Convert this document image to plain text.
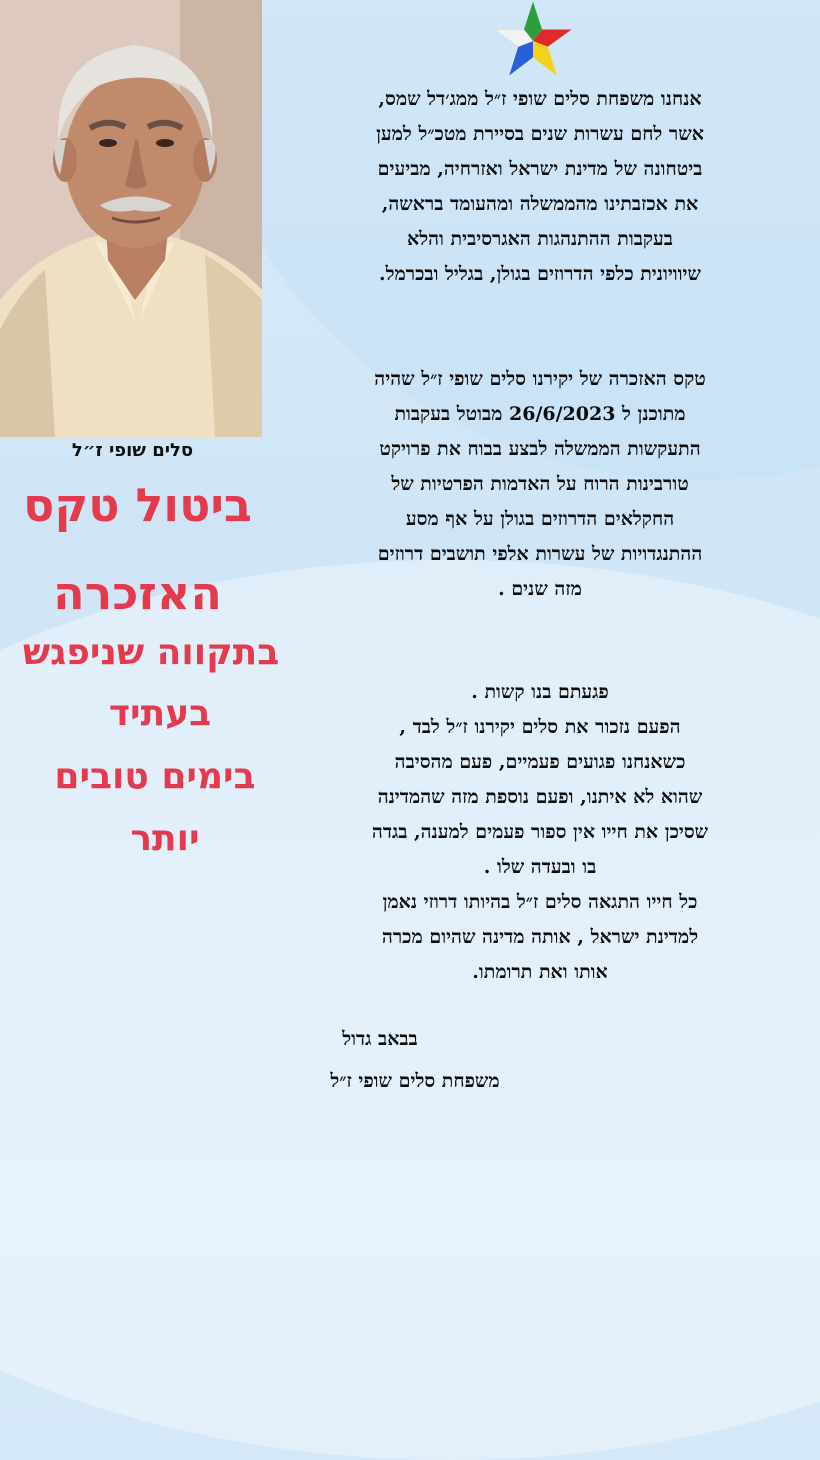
סלים שופי ז״ל

ביטול טקס

האזכרה

בתקווה שניפגש

בעתיד

בימים טובים

יותר

אנחנו משפחת סלים שופי ז״ל ממג׳דל שמס,
אשר לחם עשרות שנים בסיירת מטכ״ל למען
ביטחונה של מדינת ישראל ואזרחיה, מביעים
את אכזבתינו מהממשלה ומהעומד בראשה,
בעקבות ההתנהגות האגרסיבית והלא
שיוויונית כלפי הדרוזים בגולן, בגליל ובכרמל.
טקס האזכרה של יקירנו סלים שופי ז״ל שהיה
מתוכנן ל 26/6/2023 מבוטל בעקבות
התעקשות הממשלה לבצע בבוח את פרויקט
טורבינות הרוח על האדמות הפרטיות של
החקלאים הדרוזים בגולן על אף מסע
ההתנגדויות של עשרות אלפי תושבים דרוזים
מזה שנים .
פגעתם בנו קשות .
הפעם נזכור את סלים יקירנו ז״ל לבד ,
כשאנחנו פגועים פעמיים, פעם מהסיבה
שהוא לא איתנו, ופעם נוספת מזה שהמדינה
שסיכן את חייו אין ספור פעמים למענה, בגדה
בו ובעדה שלו .
כל חייו התגאה סלים ז״ל בהיותו דרוזי נאמן
למדינת ישראל , אותה מדינה שהיום מכרה
אותו ואת תרומתו.
בבאב גדול
משפחת סלים שופי ז״ל
